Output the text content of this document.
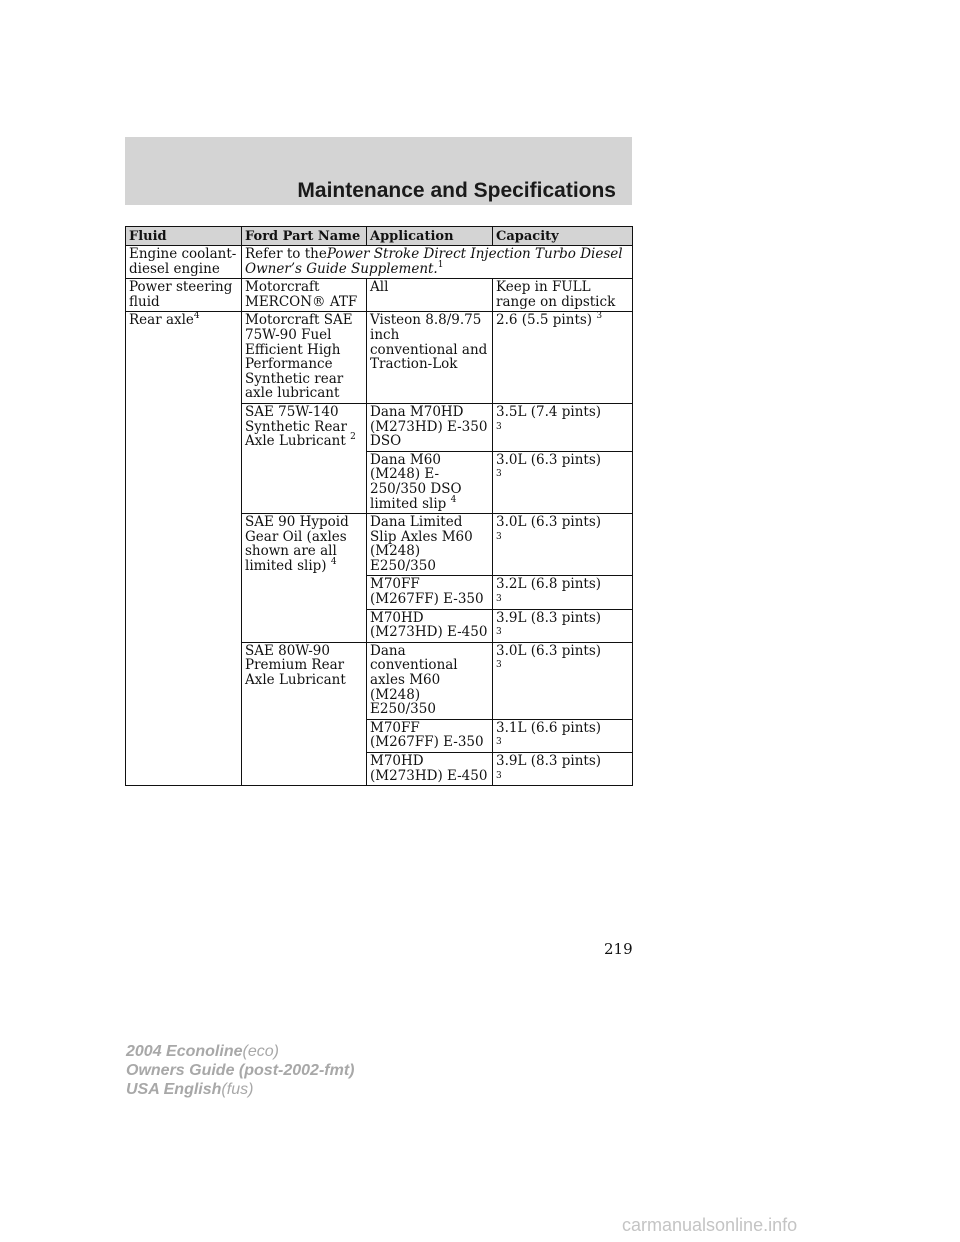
Maintenance and Specifications
Fluid	Ford Part Name	Application	Capacity
Engine coolant-diesel engine	Refer to thePower Stroke Direct Injection Turbo Diesel Owner’s Guide Supplement.$^1$
Power steering fluid	Motorcraft MERCON® ATF	All	Keep in FULL range on dipstick
Rear axle$^4$	Motorcraft SAE 75W-90 Fuel Efficient High Performance Synthetic rear axle lubricant	Visteon 8.8/9.75 inch conventional and Traction-Lok	2.6 (5.5 pints) $^3$
	SAE 75W-140 Synthetic Rear Axle Lubricant $^2$	Dana M70HD (M273HD) E-350 DSO	3.5L (7.4 pints)
3
		Dana M60 (M248) E-250/350 DSO limited slip $^4$	3.0L (6.3 pints)
3
	SAE 90 Hypoid Gear Oil (axles shown are all limited slip) $^4$	Dana Limited Slip Axles M60 (M248) E250/350	3.0L (6.3 pints)
3
		M70FF (M267FF) E-350	3.2L (6.8 pints)
3
		M70HD (M273HD) E-450	3.9L (8.3 pints)
3
	SAE 80W-90 Premium Rear Axle Lubricant	Dana conventional axles M60 (M248) E250/350	3.0L (6.3 pints)
3
		M70FF (M267FF) E-350	3.1L (6.6 pints)
3
		M70HD (M273HD) E-450	3.9L (8.3 pints)
3
219
2004 Econoline(eco)
Owners Guide (post-2002-fmt)
USA English(fus)
carmanualsonline.info
